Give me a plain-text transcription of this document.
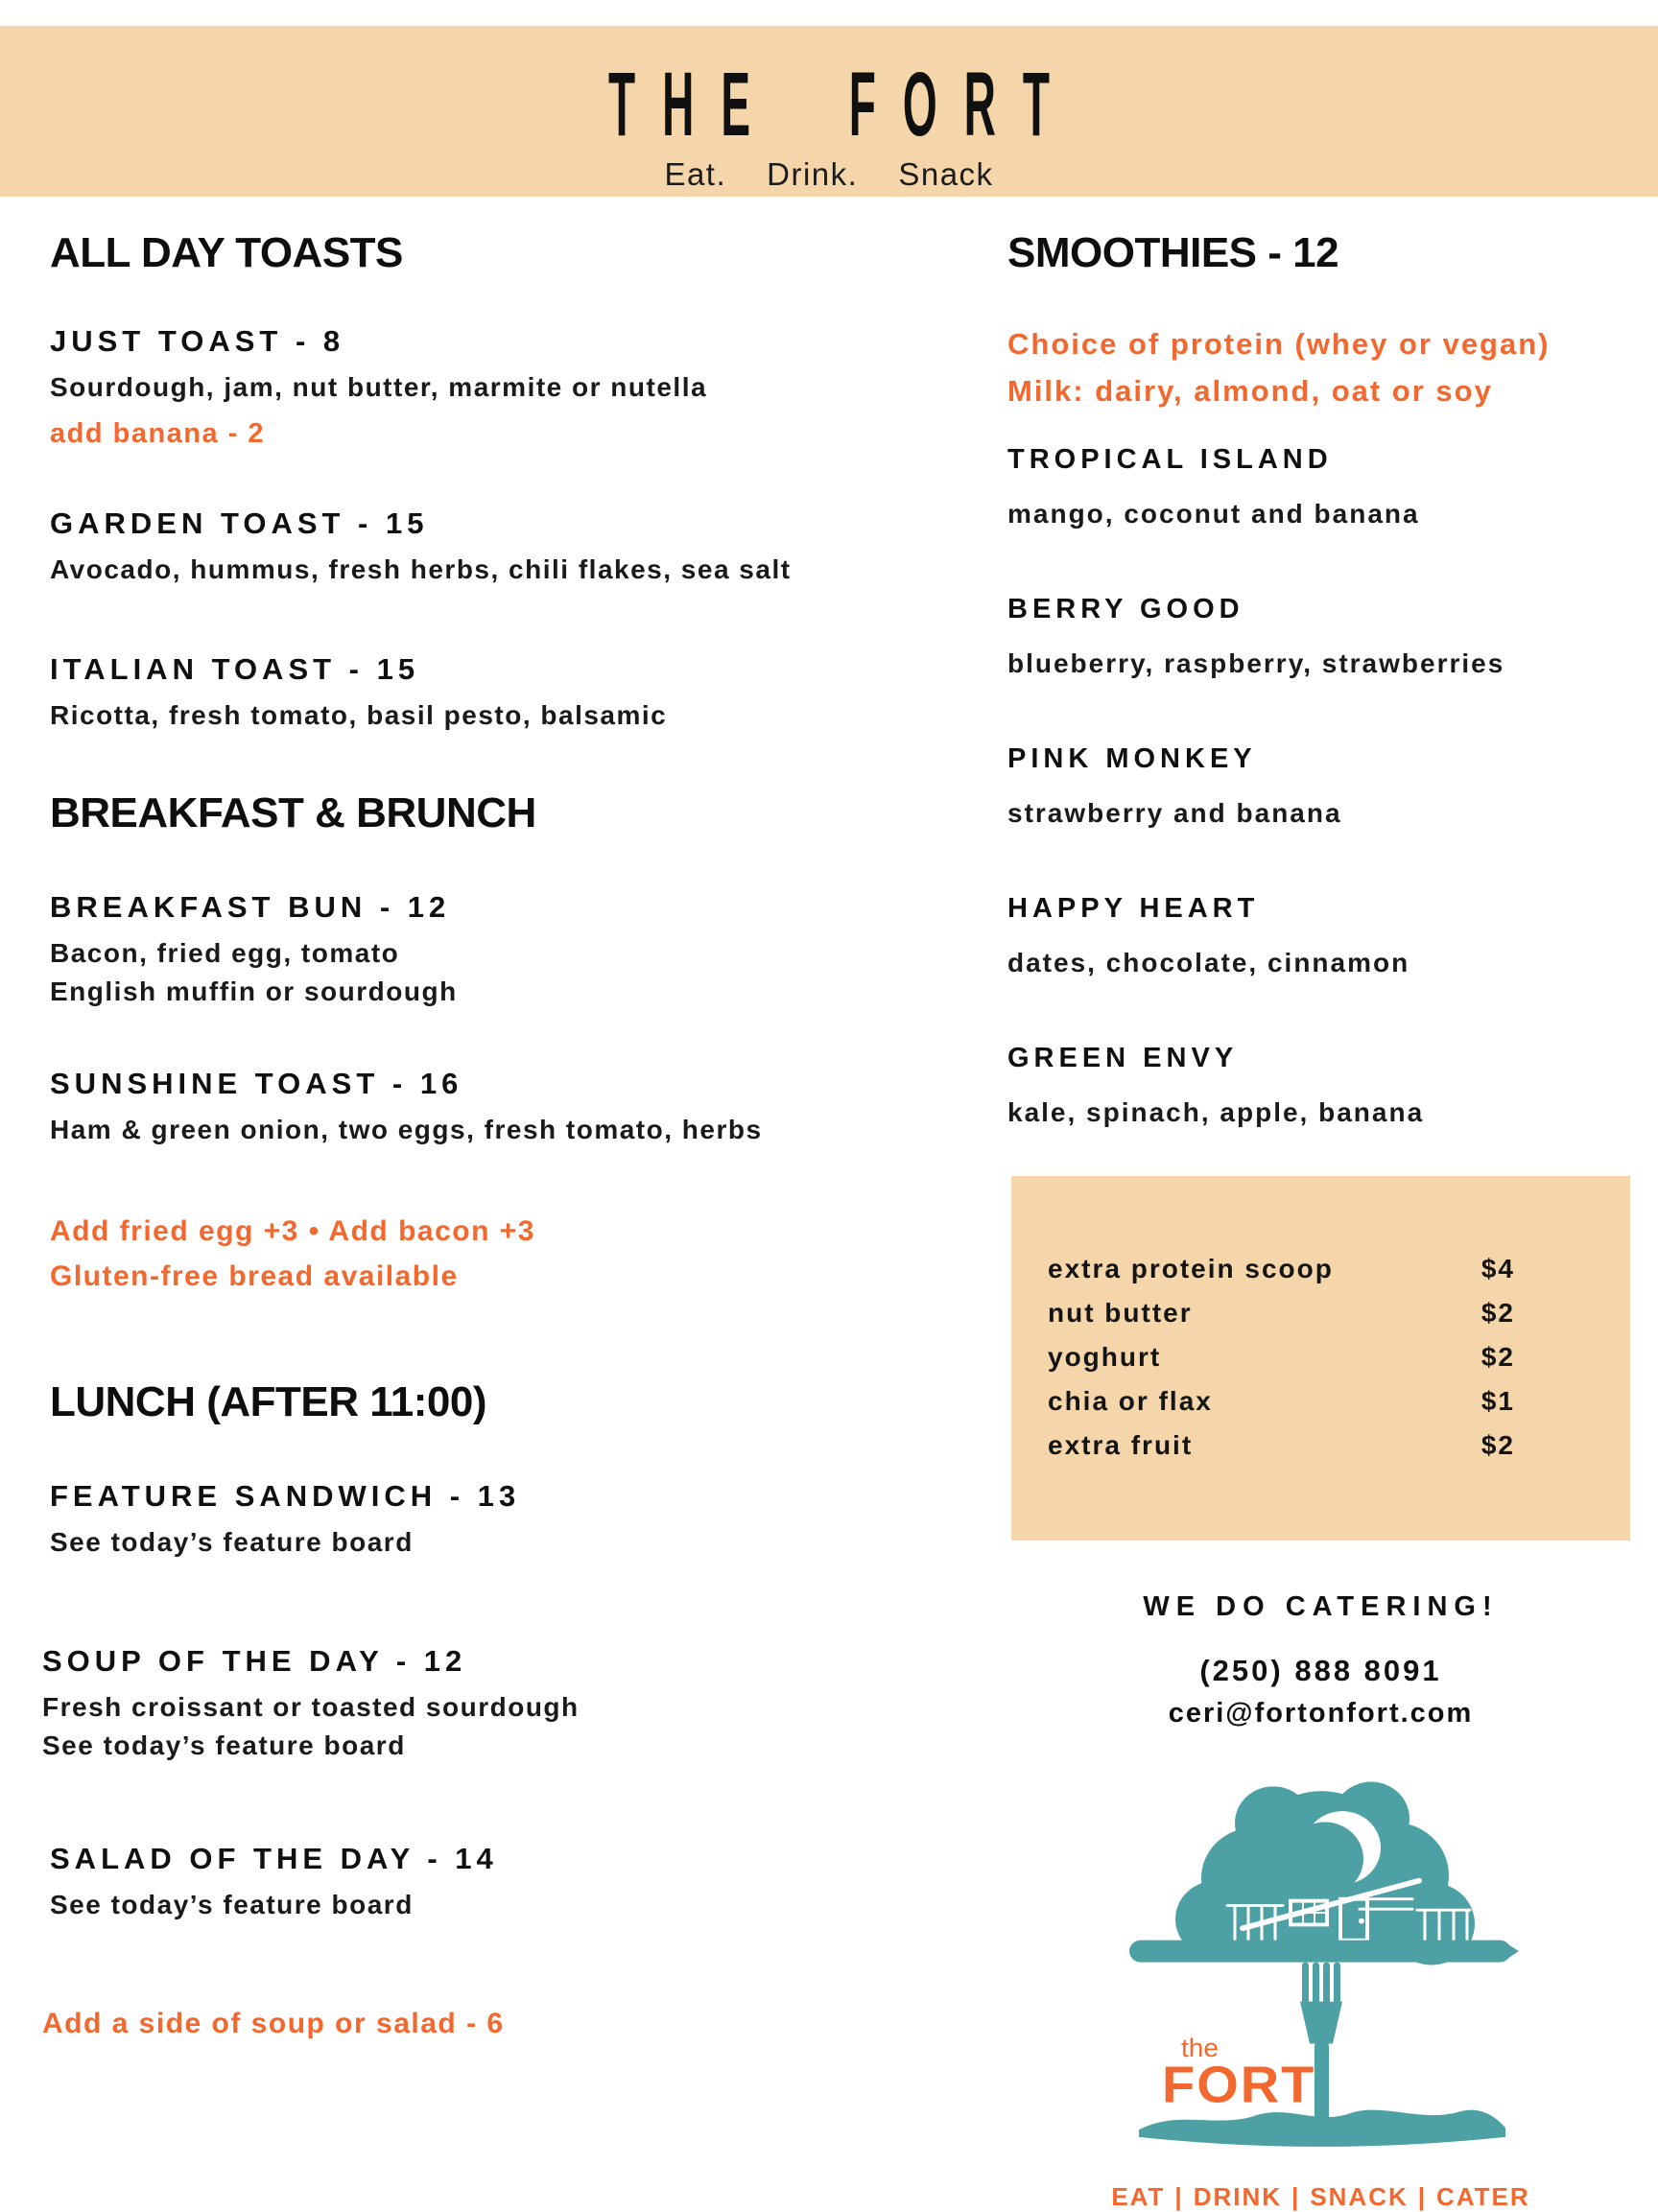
THE FORT
Eat. Drink. Snack
ALL DAY TOASTS
JUST TOAST - 8
Sourdough, jam, nut butter, marmite or nutella
add banana - 2
GARDEN TOAST - 15
Avocado, hummus, fresh herbs, chili flakes, sea salt
ITALIAN TOAST - 15
Ricotta, fresh tomato, basil pesto, balsamic
BREAKFAST & BRUNCH
BREAKFAST BUN - 12
Bacon, fried egg, tomato
English muffin or sourdough
SUNSHINE TOAST - 16
Ham & green onion, two eggs, fresh tomato, herbs
Add fried egg +3 • Add bacon +3
Gluten-free bread available
LUNCH (AFTER 11:00)
FEATURE SANDWICH - 13
See today’s feature board
SOUP OF THE DAY - 12
Fresh croissant or toasted sourdough
See today’s feature board
SALAD OF THE DAY - 14
See today’s feature board
Add a side of soup or salad - 6
SMOOTHIES - 12
Choice of protein (whey or vegan)
Milk: dairy, almond, oat or soy
TROPICAL ISLAND
mango, coconut and banana
BERRY GOOD
blueberry, raspberry, strawberries
PINK MONKEY
strawberry and banana
HAPPY HEART
dates, chocolate, cinnamon
GREEN ENVY
kale, spinach, apple, banana
extra protein scoop	$4
nut butter	$2
yoghurt	$2
chia or flax	$1
extra fruit	$2
WE DO CATERING!
(250) 888 8091
ceri@fortonfort.com
the
FORT
EAT | DRINK | SNACK | CATER
